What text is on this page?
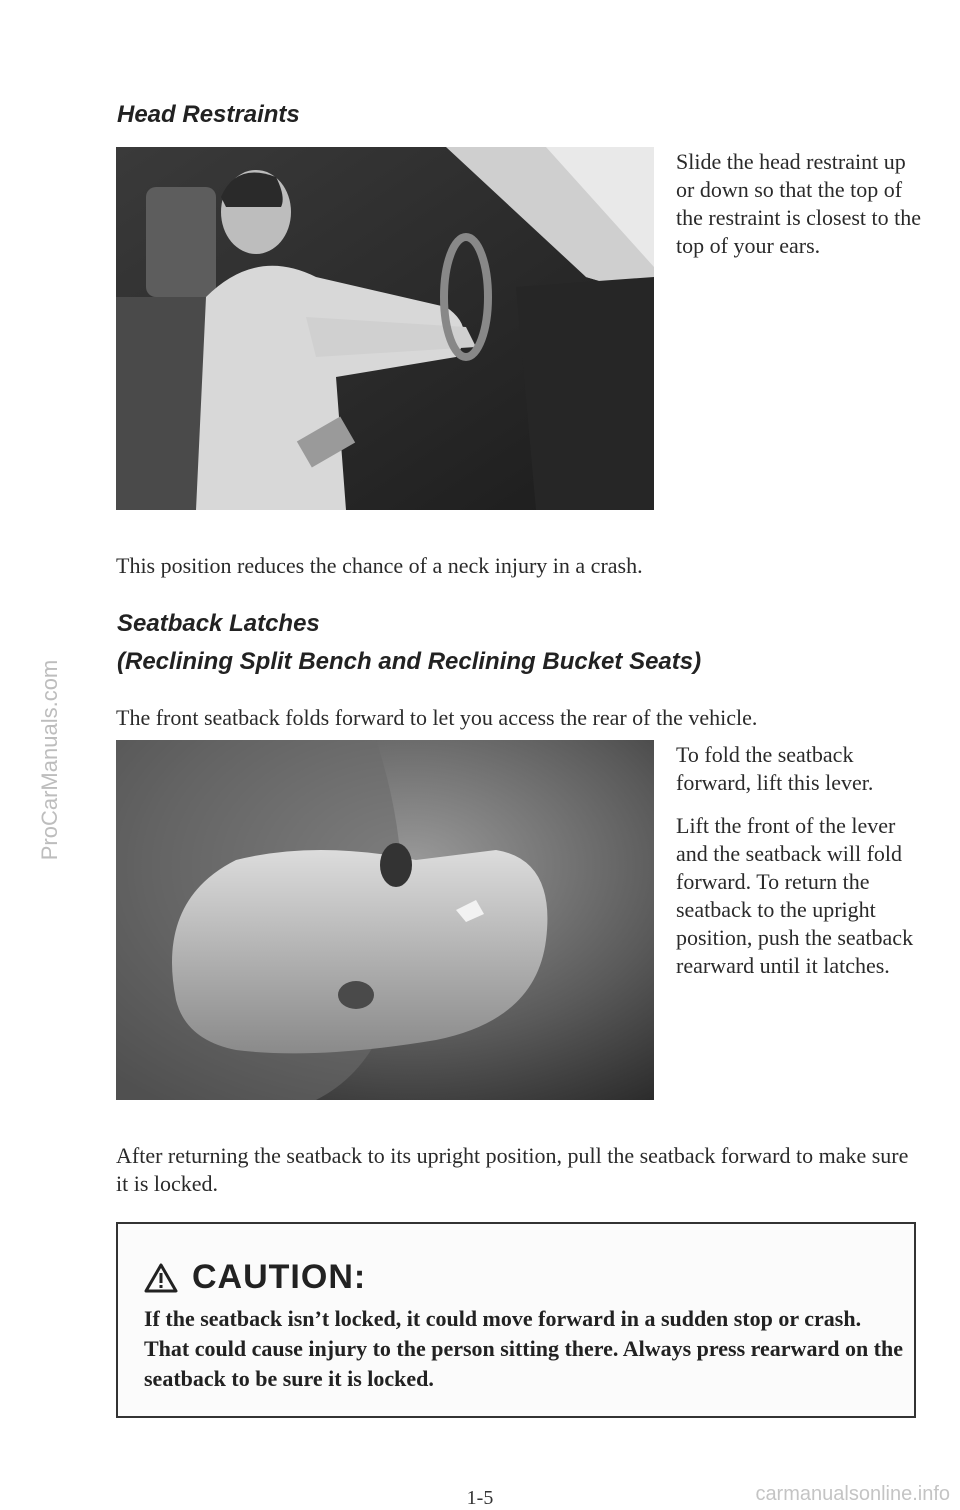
ProCarManuals.com
Head Restraints
Slide the head restraint up or down so that the top of the restraint is closest to the top of your ears.
This position reduces the chance of a neck injury in a crash.
Seatback Latches
(Reclining Split Bench and Reclining Bucket Seats)
The front seatback folds forward to let you access the rear of the vehicle.
To fold the seatback forward, lift this lever.
Lift the front of the lever and the seatback will fold forward. To return the seatback to the upright position, push the seatback rearward until it latches.
After returning the seatback to its upright position, pull the seatback forward to make sure it is locked.
CAUTION:
If the seatback isn’t locked, it could move forward in a sudden stop or crash. That could cause injury to the person sitting there. Always press rearward on the seatback to be sure it is locked.
1-5	carmanualsonline.info
